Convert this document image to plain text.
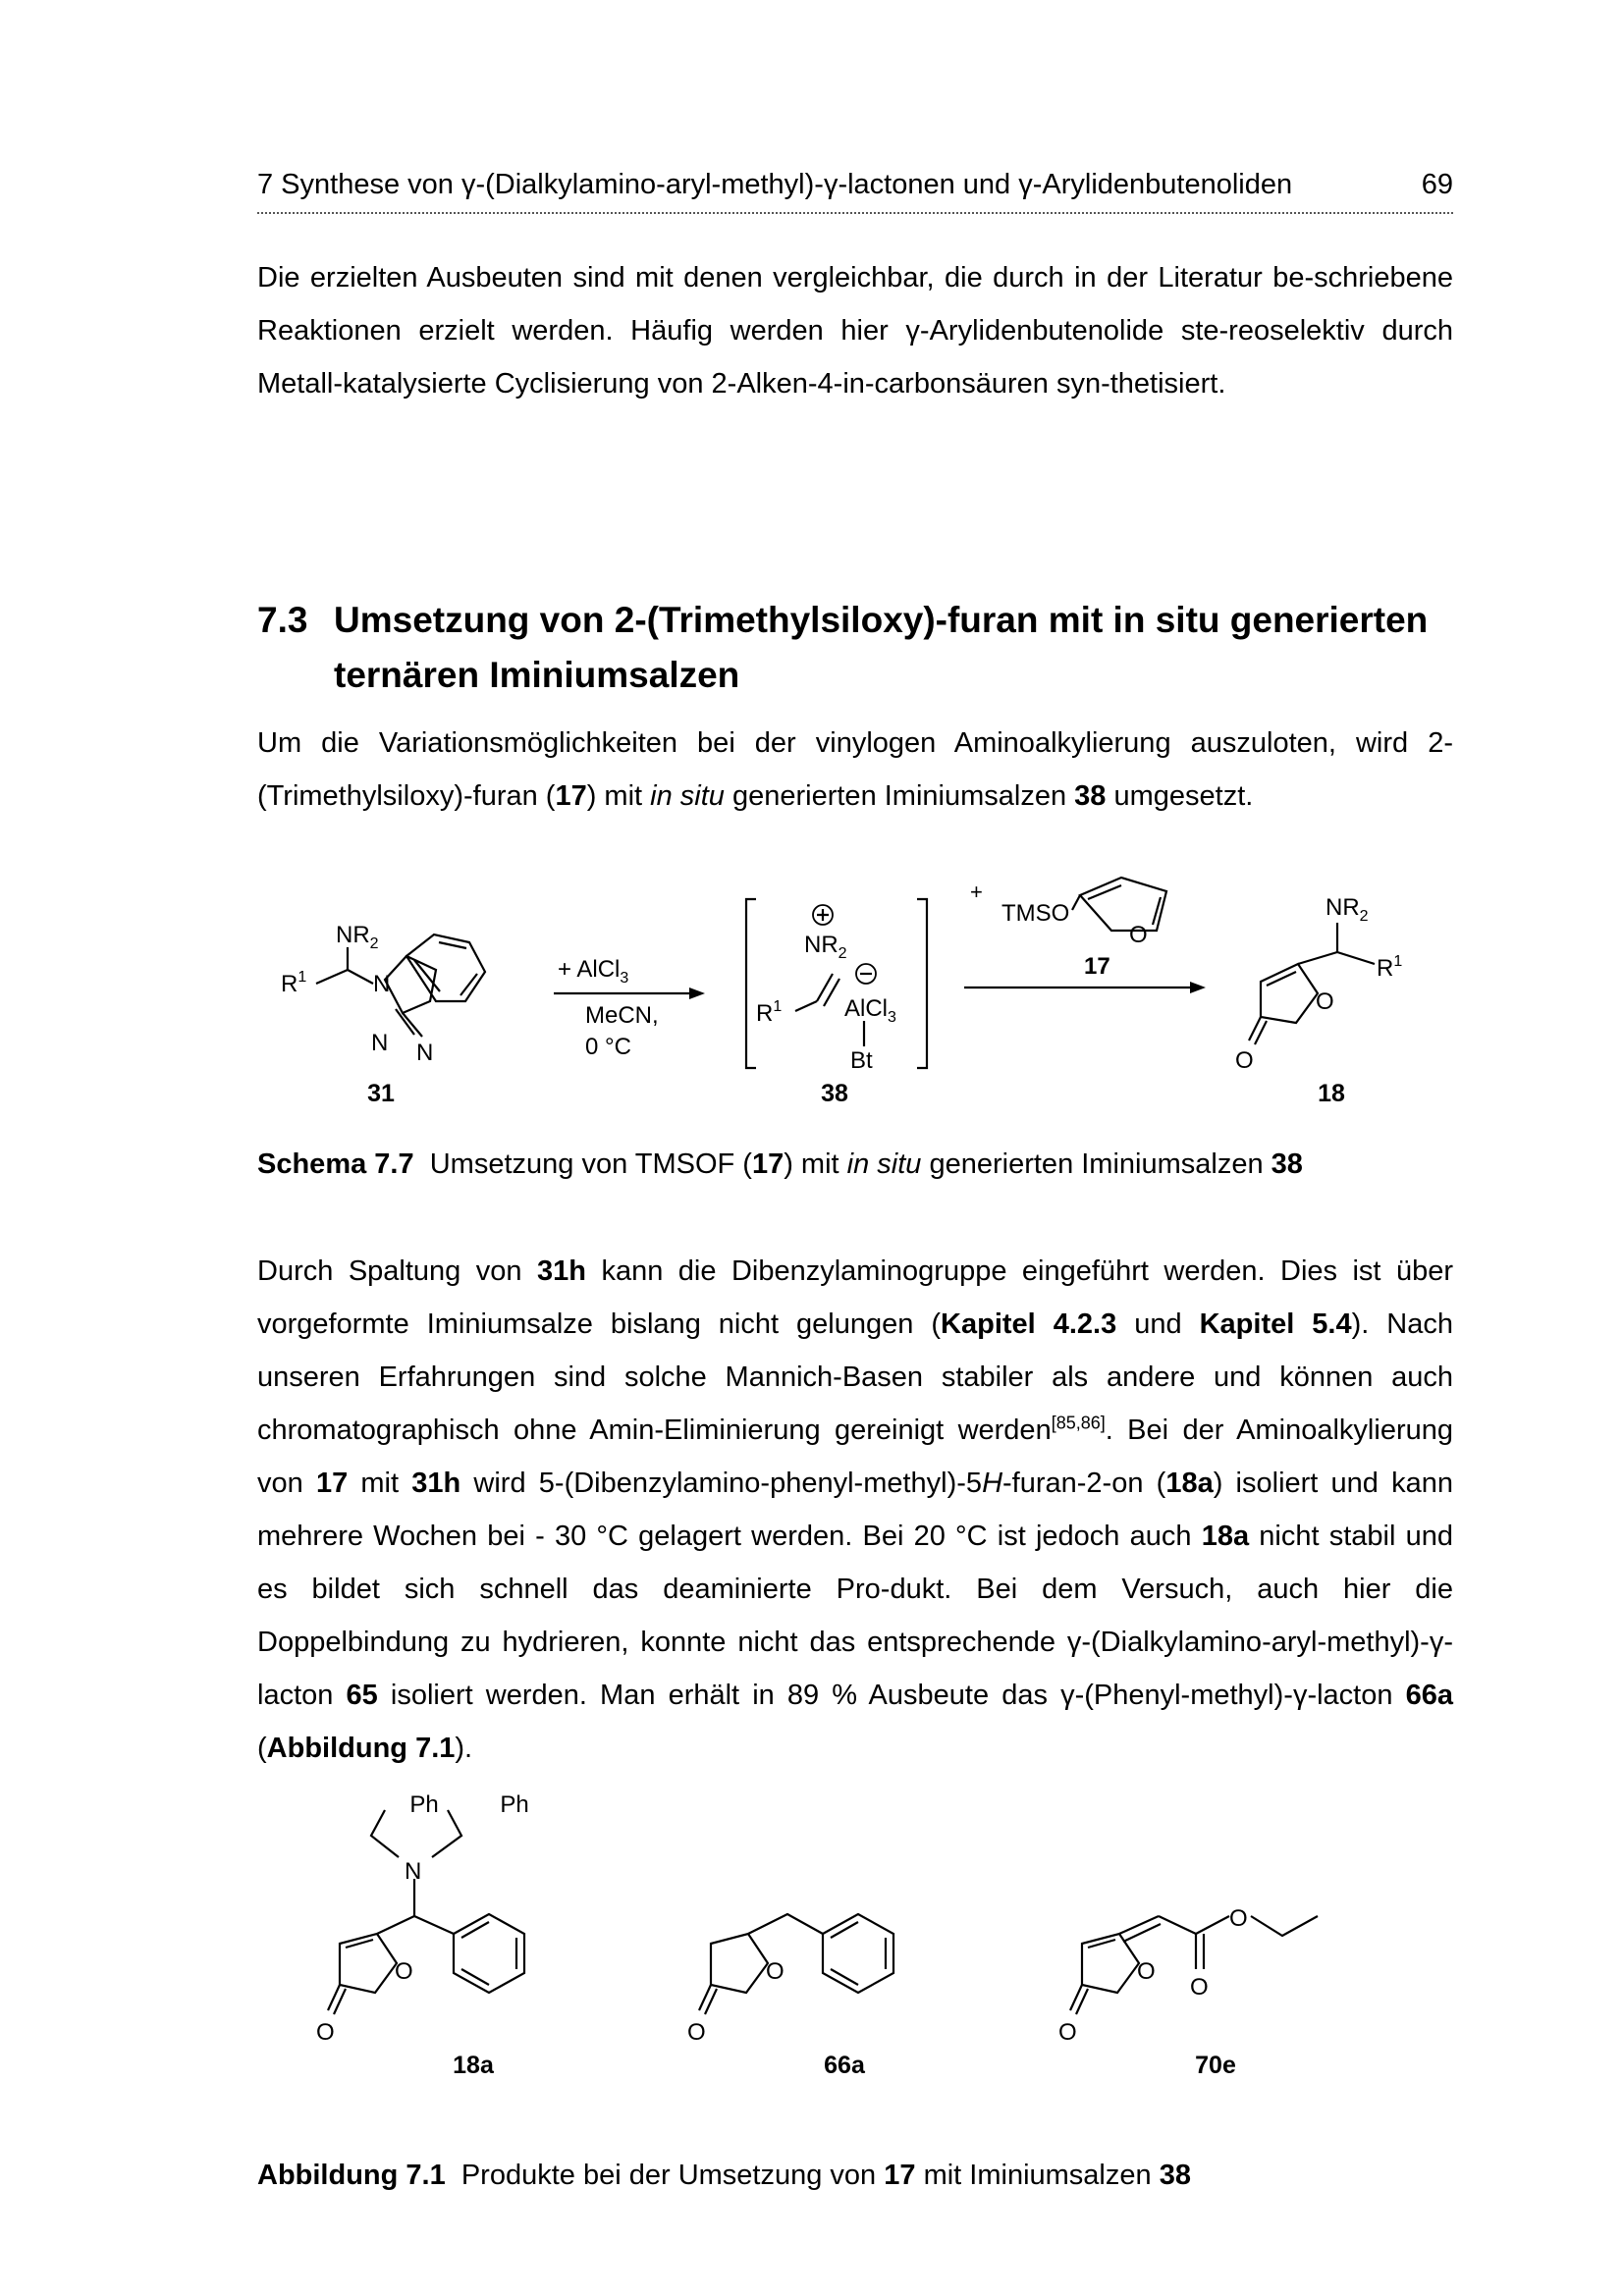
7 Synthese von γ-(Dialkylamino-aryl-methyl)-γ-lactonen und γ-Arylidenbutenoliden	69

Die erzielten Ausbeuten sind mit denen vergleichbar, die durch in der Literatur be-schriebene Reaktionen erzielt werden. Häufig werden hier γ-Arylidenbutenolide ste-reoselektiv durch Metall-katalysierte Cyclisierung von 2-Alken-4-in-carbonsäuren syn-thetisiert.

7.3 Umsetzung von 2-(Trimethylsiloxy)-furan mit in situ generierten
ternären Iminiumsalzen

Um die Variationsmöglichkeiten bei der vinylogen Aminoalkylierung auszuloten, wird 2-(Trimethylsiloxy)-furan (17) mit in situ generierten Iminiumsalzen 38 umgesetzt.

$NR_2$
$R^1$	N
N N
+ AlCl$_3$
MeCN,
0 °C
$NR_2$
$R^1$	AlCl$_3$
Bt
+
TMSO
O
17
$NR_2$
$R^1$
O
O
31	38	18

Schema 7.7 Umsetzung von TMSOF (17) mit in situ generierten Iminiumsalzen 38

Durch Spaltung von 31h kann die Dibenzylaminogruppe eingeführt werden. Dies ist über vorgeformte Iminiumsalze bislang nicht gelungen (Kapitel 4.2.3 und Kapitel 5.4). Nach unseren Erfahrungen sind solche Mannich-Basen stabiler als andere und können auch chromatographisch ohne Amin-Eliminierung gereinigt werden[85,86]. Bei der Aminoalkylierung von 17 mit 31h wird 5-(Dibenzylamino-phenyl-methyl)-5H-furan-2-on (18a) isoliert und kann mehrere Wochen bei - 30 °C gelagert werden. Bei 20 °C ist jedoch auch 18a nicht stabil und es bildet sich schnell das deaminierte Pro-dukt. Bei dem Versuch, auch hier die Doppelbindung zu hydrieren, konnte nicht das entsprechende γ-(Dialkylamino-aryl-methyl)-γ-lacton 65 isoliert werden. Man erhält in 89 % Ausbeute das γ-(Phenyl-methyl)-γ-lacton 66a (Abbildung 7.1).

Ph	Ph
N
O
O
O
O
O
O
O
O
18a	66a	70e

Abbildung 7.1 Produkte bei der Umsetzung von 17 mit Iminiumsalzen 38
